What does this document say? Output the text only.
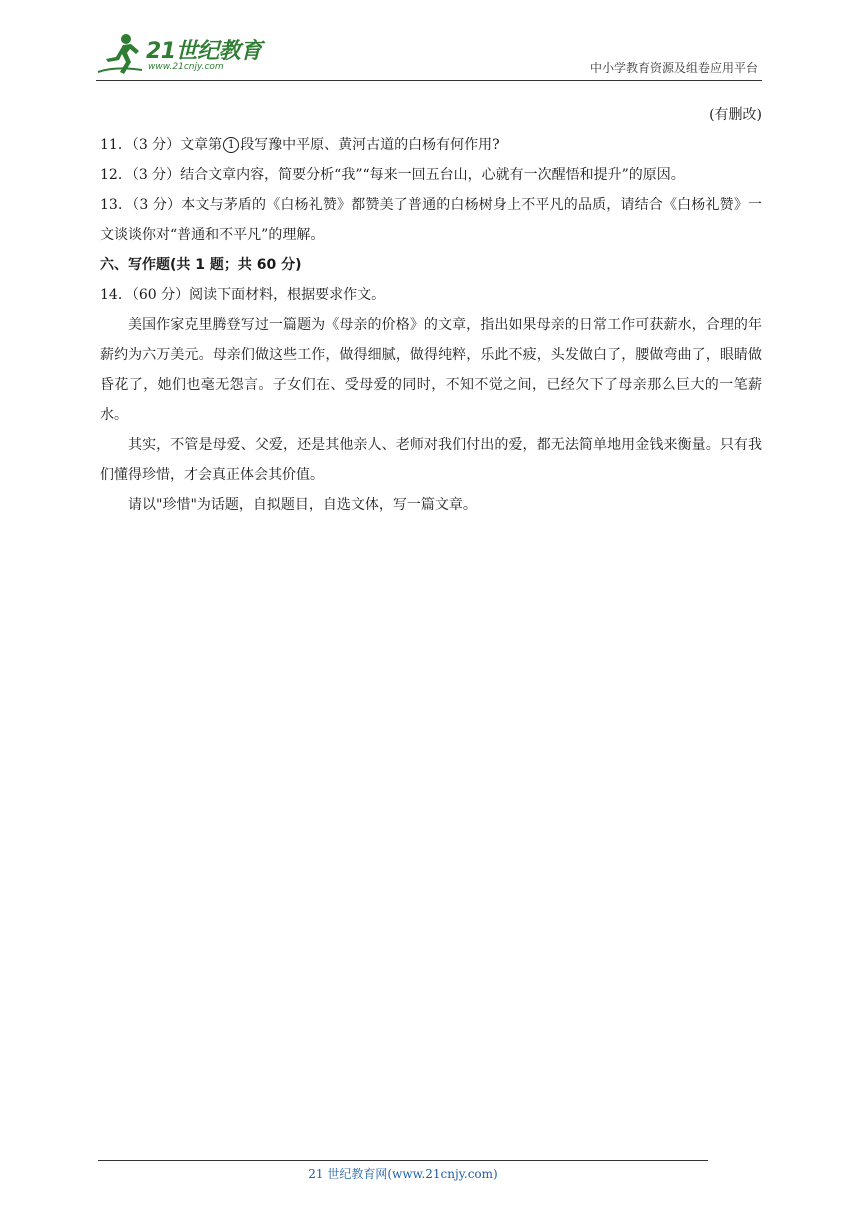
21世纪教育
www.21cnjy.com	中小学教育资源及组卷应用平台
(有删改)

11．（3 分）文章第 1 段写豫中平原、黄河古道的白杨有何作用?

12．（3 分）结合文章内容，简要分析“我”“每来一回五台山，心就有一次醒悟和提升”的原因。

13．（3 分）本文与茅盾的《白杨礼赞》都赞美了普通的白杨树身上不平凡的品质，请结合《白杨礼赞》一文谈谈你对“普通和不平凡”的理解。

六、写作题(共 1 题；共 60 分)

14．（60 分）阅读下面材料，根据要求作文。

美国作家克里腾登写过一篇题为《母亲的价格》的文章，指出如果母亲的日常工作可获薪水，合理的年薪约为六万美元。母亲们做这些工作，做得细腻，做得纯粹，乐此不疲，头发做白了，腰做弯曲了，眼睛做昏花了，她们也毫无怨言。子女们在、受母爱的同时，不知不觉之间，已经欠下了母亲那么巨大的一笔薪水。

其实，不管是母爱、父爱，还是其他亲人、老师对我们付出的爱，都无法简单地用金钱来衡量。只有我们懂得珍惜，才会真正体会其价值。

请以"珍惜"为话题，自拟题目，自选文体，写一篇文章。

21 世纪教育网(www.21cnjy.com)
